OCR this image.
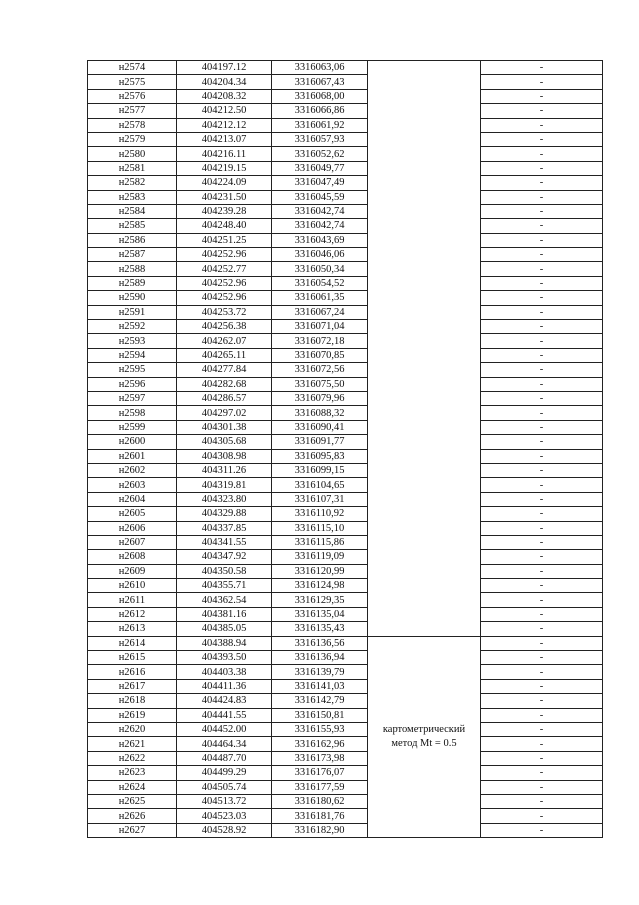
н2574	404197.12	3316063,06		-
н2575	404204.34	3316067,43		-
н2576	404208.32	3316068,00		-
н2577	404212.50	3316066,86		-
н2578	404212.12	3316061,92		-
н2579	404213.07	3316057,93		-
н2580	404216.11	3316052,62		-
н2581	404219.15	3316049,77		-
н2582	404224.09	3316047,49		-
н2583	404231.50	3316045,59		-
н2584	404239.28	3316042,74		-
н2585	404248.40	3316042,74		-
н2586	404251.25	3316043,69		-
н2587	404252.96	3316046,06		-
н2588	404252.77	3316050,34		-
н2589	404252.96	3316054,52		-
н2590	404252.96	3316061,35		-
н2591	404253.72	3316067,24		-
н2592	404256.38	3316071,04		-
н2593	404262.07	3316072,18		-
н2594	404265.11	3316070,85		-
н2595	404277.84	3316072,56		-
н2596	404282.68	3316075,50		-
н2597	404286.57	3316079,96		-
н2598	404297.02	3316088,32		-
н2599	404301.38	3316090,41		-
н2600	404305.68	3316091,77		-
н2601	404308.98	3316095,83		-
н2602	404311.26	3316099,15		-
н2603	404319.81	3316104,65		-
н2604	404323.80	3316107,31		-
н2605	404329.88	3316110,92		-
н2606	404337.85	3316115,10		-
н2607	404341.55	3316115,86		-
н2608	404347.92	3316119,09		-
н2609	404350.58	3316120,99		-
н2610	404355.71	3316124,98		-
н2611	404362.54	3316129,35		-
н2612	404381.16	3316135,04		-
н2613	404385.05	3316135,43		-
н2614	404388.94	3316136,56	картометрический
метод Mt = 0.5	-
н2615	404393.50	3316136,94		-
н2616	404403.38	3316139,79		-
н2617	404411.36	3316141,03		-
н2618	404424.83	3316142,79		-
н2619	404441.55	3316150,81		-
н2620	404452.00	3316155,93		-
н2621	404464.34	3316162,96		-
н2622	404487.70	3316173,98		-
н2623	404499.29	3316176,07		-
н2624	404505.74	3316177,59		-
н2625	404513.72	3316180,62		-
н2626	404523.03	3316181,76		-
н2627	404528.92	3316182,90		-
